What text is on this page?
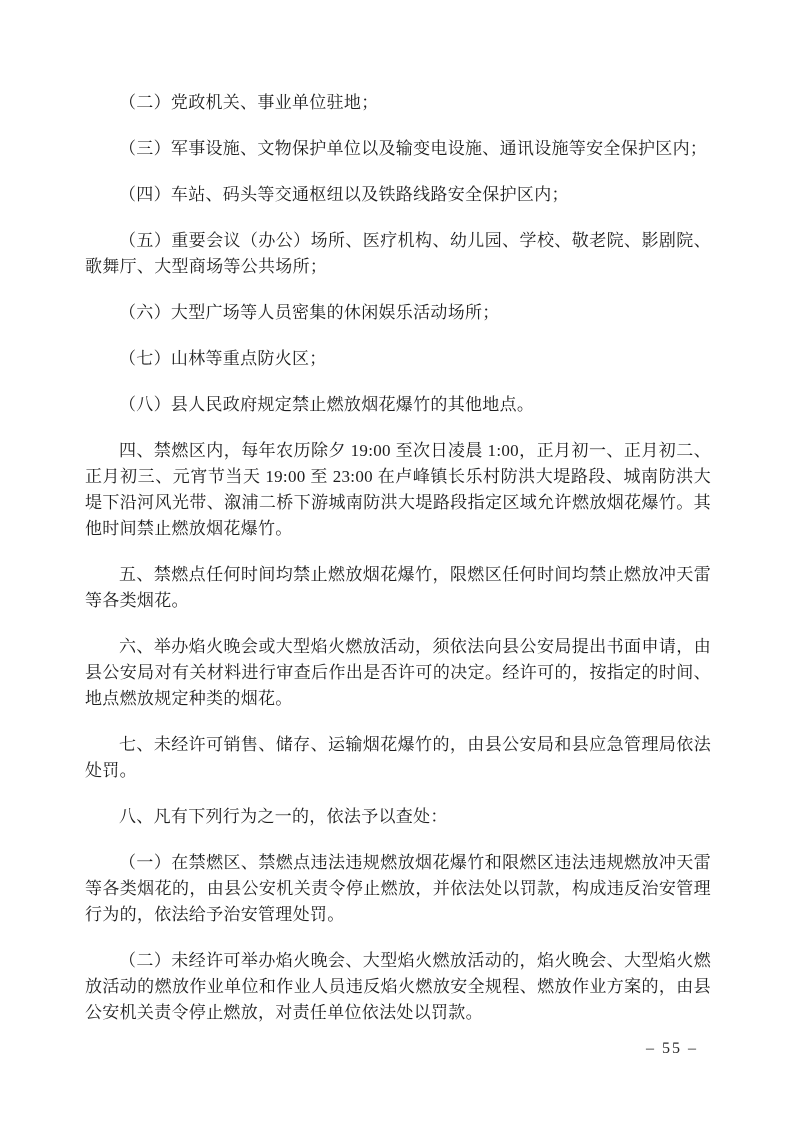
（二）党政机关、事业单位驻地；

（三）军事设施、文物保护单位以及输变电设施、通讯设施等安全保护区内；

（四）车站、码头等交通枢纽以及铁路线路安全保护区内；

（五）重要会议（办公）场所、医疗机构、幼儿园、学校、敬老院、影剧院、歌舞厅、大型商场等公共场所；

（六）大型广场等人员密集的休闲娱乐活动场所；

（七）山林等重点防火区；

（八）县人民政府规定禁止燃放烟花爆竹的其他地点。

四、禁燃区内，每年农历除夕 19:00 至次日凌晨 1:00，正月初一、正月初二、正月初三、元宵节当天 19:00 至 23:00 在卢峰镇长乐村防洪大堤路段、城南防洪大堤下沿河风光带、溆浦二桥下游城南防洪大堤路段指定区域允许燃放烟花爆竹。其他时间禁止燃放烟花爆竹。

五、禁燃点任何时间均禁止燃放烟花爆竹，限燃区任何时间均禁止燃放冲天雷等各类烟花。

六、举办焰火晚会或大型焰火燃放活动，须依法向县公安局提出书面申请，由县公安局对有关材料进行审查后作出是否许可的决定。经许可的，按指定的时间、地点燃放规定种类的烟花。

七、未经许可销售、储存、运输烟花爆竹的，由县公安局和县应急管理局依法处罚。

八、凡有下列行为之一的，依法予以查处：

（一）在禁燃区、禁燃点违法违规燃放烟花爆竹和限燃区违法违规燃放冲天雷等各类烟花的，由县公安机关责令停止燃放，并依法处以罚款，构成违反治安管理行为的，依法给予治安管理处罚。

（二）未经许可举办焰火晚会、大型焰火燃放活动的，焰火晚会、大型焰火燃放活动的燃放作业单位和作业人员违反焰火燃放安全规程、燃放作业方案的，由县公安机关责令停止燃放，对责任单位依法处以罚款。

– 55 –
